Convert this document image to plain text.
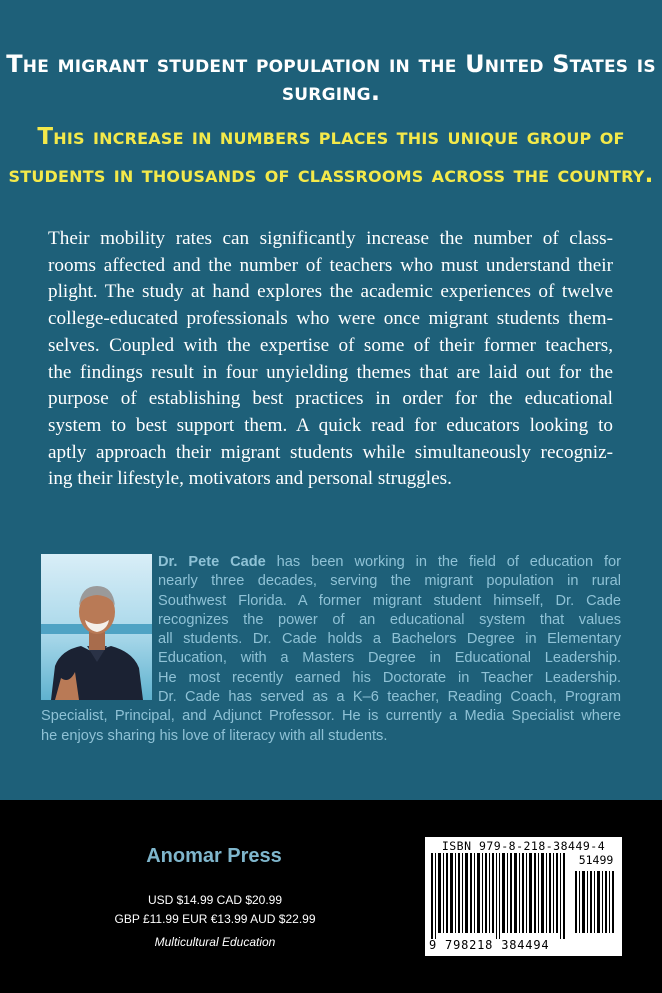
The migrant student population in the United States is surging.
This increase in numbers places this unique group of
students in thousands of classrooms across the country.
Their mobility rates can significantly increase the number of class-
rooms affected and the number of teachers who must understand their
plight. The study at hand explores the academic experiences of twelve
college-educated professionals who were once migrant students them-
selves. Coupled with the expertise of some of their former teachers,
the findings result in four unyielding themes that are laid out for the
purpose of establishing best practices in order for the educational
system to best support them. A quick read for educators looking to
aptly approach their migrant students while simultaneously recogniz-
ing their lifestyle, motivators and personal struggles.
Dr. Pete Cade has been working in the field of education for
nearly three decades, serving the migrant population in rural
Southwest Florida. A former migrant student himself, Dr. Cade
recognizes the power of an educational system that values
all students. Dr. Cade holds a Bachelors Degree in Elementary
Education, with a Masters Degree in Educational Leadership.
He most recently earned his Doctorate in Teacher Leadership.
Dr. Cade has served as a K–6 teacher, Reading Coach, Program
Specialist, Principal, and Adjunct Professor. He is currently a Media Specialist where
he enjoys sharing his love of literacy with all students.
Anomar Press
USD $14.99 CAD $20.99
GBP £11.99 EUR €13.99 AUD $22.99
Multicultural Education
ISBN 979-8-218-38449-4
51499
9 798218 384494
